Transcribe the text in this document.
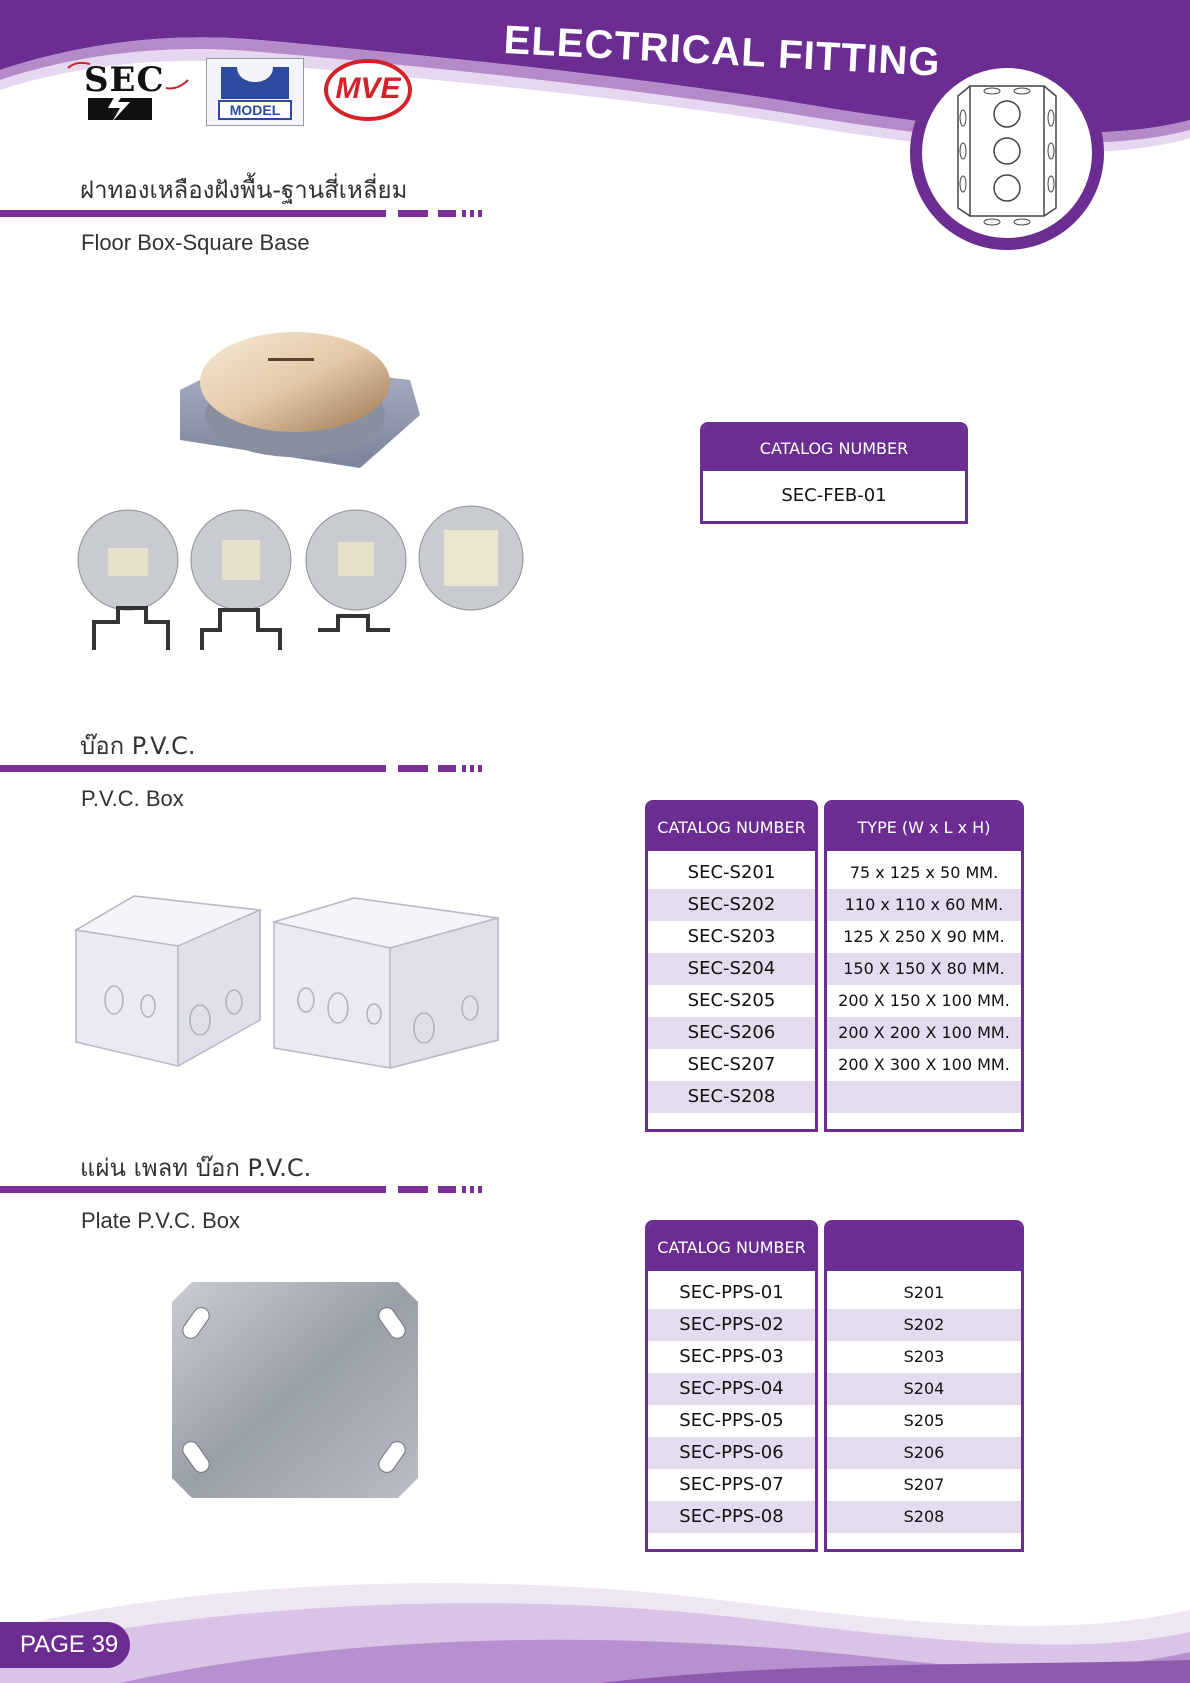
ELECTRICAL FITTING
SEC
MODEL
MVE
ฝาทองเหลืองฝังพื้น-ฐานสี่เหลี่ยม
Floor Box-Square Base
CATALOG NUMBER
SEC-FEB-01
บ๊อก P.V.C.
P.V.C. Box
CATALOG NUMBER
SEC-S201
SEC-S202
SEC-S203
SEC-S204
SEC-S205
SEC-S206
SEC-S207
SEC-S208
TYPE (W x L x H)
75 x 125 x 50 MM.
110 x 110 x 60 MM.
125 X 250 X 90 MM.
150 X 150 X 80 MM.
200 X 150 X 100 MM.
200 X 200 X 100 MM.
200 X 300 X 100 MM.
แผ่น เพลท บ๊อก P.V.C.
Plate P.V.C. Box
CATALOG NUMBER
SEC-PPS-01
SEC-PPS-02
SEC-PPS-03
SEC-PPS-04
SEC-PPS-05
SEC-PPS-06
SEC-PPS-07
SEC-PPS-08
S201
S202
S203
S204
S205
S206
S207
S208
PAGE 39
